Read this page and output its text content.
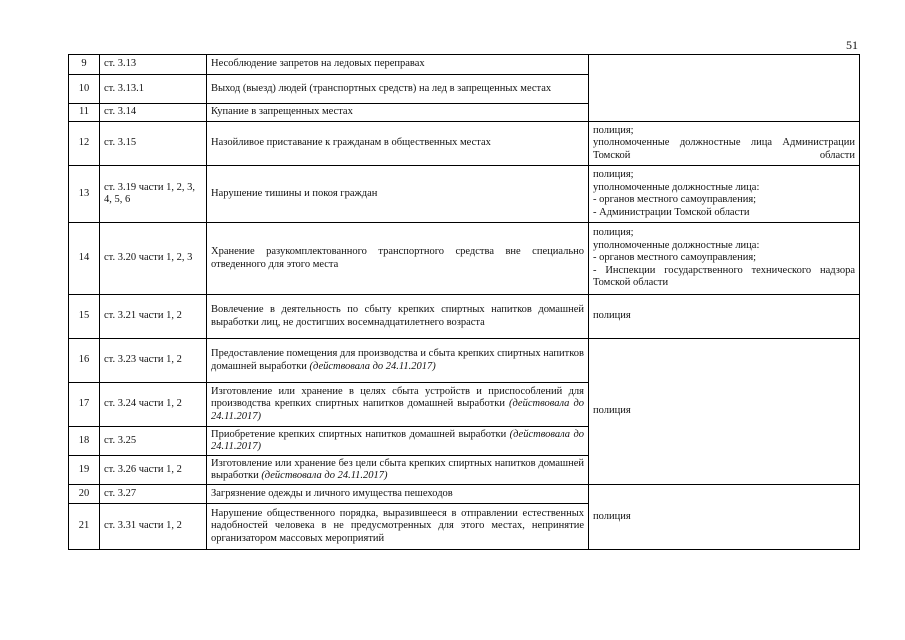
51
9	ст. 3.13	Несоблюдение запретов на ледовых переправах	
10	ст. 3.13.1	Выход (выезд) людей (транспортных средств) на лед в запрещенных местах	
11	ст. 3.14	Купание в запрещенных местах	
12	ст. 3.15	Назойливое приставание к гражданам в общественных местах	полиция;
уполномоченные должностные лица Администрации Томской области

13	ст. 3.19 части 1, 2, 3, 4, 5, 6	Нарушение тишины и покоя граждан	полиция;
уполномоченные должностные лица:
- органов местного самоуправления;
- Администрации Томской области

14	ст. 3.20 части 1, 2, 3	Хранение разукомплектованного транспортного средства вне специально отведенного для этого места	полиция;
уполномоченные должностные лица:
- органов местного самоуправления;
- Инспекции государственного технического надзора Томской области

15	ст. 3.21 части 1, 2	Вовлечение в деятельность по сбыту крепких спиртных напитков домашней выработки лиц, не достигших восемнадцатилетнего возраста	полиция
16	ст. 3.23 части 1, 2	Предоставление помещения для производства и сбыта крепких спиртных напитков домашней выработки (действовала до 24.11.2017)	полиция
17	ст. 3.24 части 1, 2	Изготовление или хранение в целях сбыта устройств и приспособлений для производства крепких спиртных напитков домашней выработки (действовала до 24.11.2017)	
18	ст. 3.25	Приобретение крепких спиртных напитков домашней выработки (действовала до 24.11.2017)	
19	ст. 3.26 части 1, 2	Изготовление или хранение без цели сбыта крепких спиртных напитков домашней выработки (действовала до 24.11.2017)	
20	ст. 3.27	Загрязнение одежды и личного имущества пешеходов	полиция
21	ст. 3.31 части 1, 2	Нарушение общественного порядка, выразившееся в отправлении естественных надобностей человека в не предусмотренных для этого местах, непринятие организатором массовых мероприятий	
